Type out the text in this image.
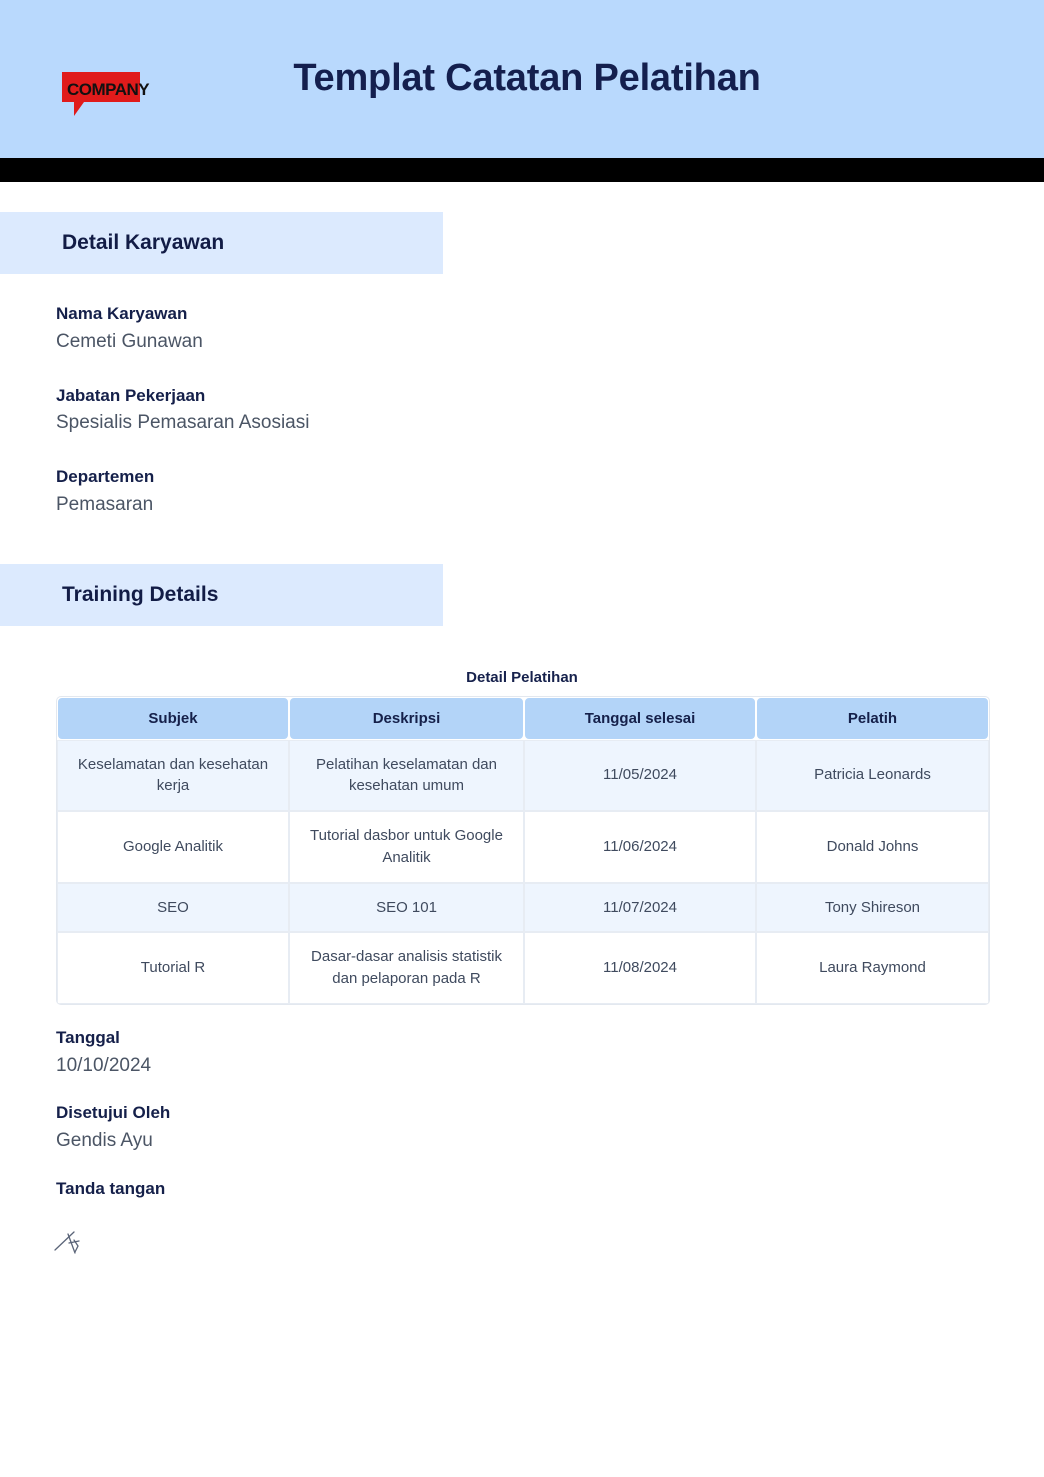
COMPANY	Templat Catatan Pelatihan
Detail Karyawan
Nama Karyawan
Cemeti Gunawan
Jabatan Pekerjaan
Spesialis Pemasaran Asosiasi
Departemen
Pemasaran
Training Details
Detail Pelatihan
Subjek	Deskripsi	Tanggal selesai	Pelatih
Keselamatan dan kesehatan kerja	Pelatihan keselamatan dan kesehatan umum	11/05/2024	Patricia Leonards
Google Analitik	Tutorial dasbor untuk Google Analitik	11/06/2024	Donald Johns
SEO	SEO 101	11/07/2024	Tony Shireson
Tutorial R	Dasar-dasar analisis statistik dan pelaporan pada R	11/08/2024	Laura Raymond
Tanggal
10/10/2024
Disetujui Oleh
Gendis Ayu
Tanda tangan
